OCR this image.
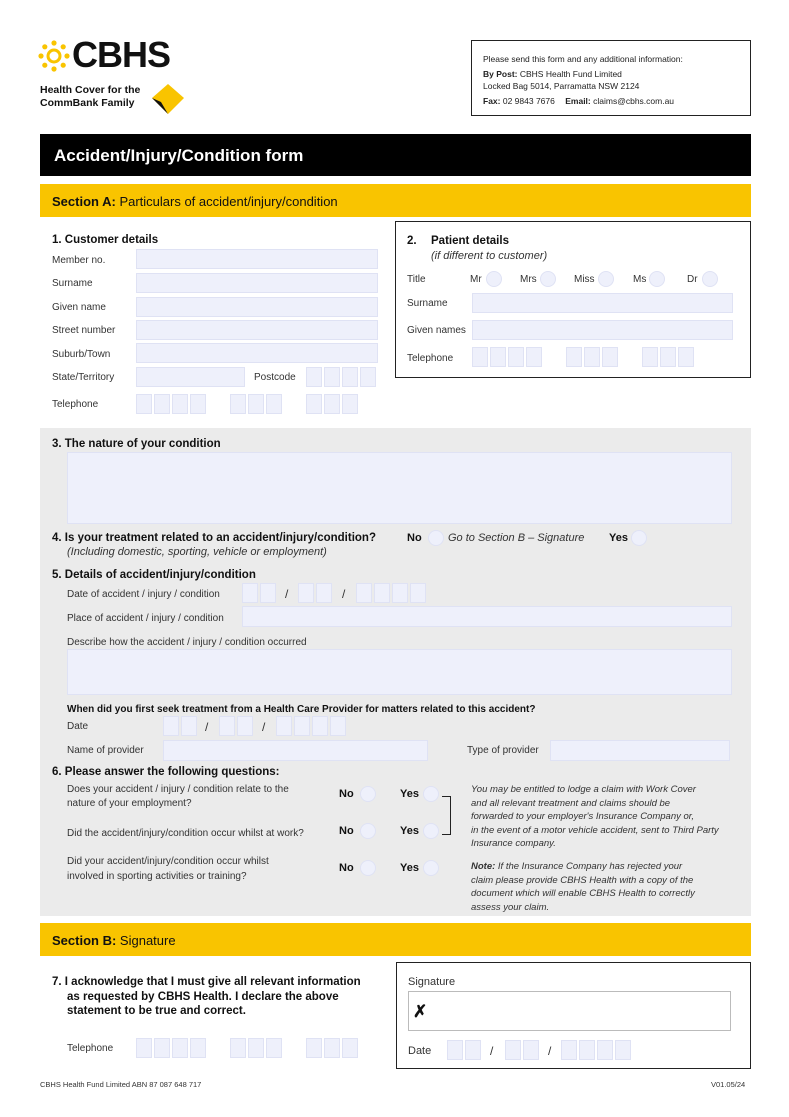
CBHS
Health Cover for the
CommBank Family
Please send this form and any additional information:
By Post: CBHS Health Fund Limited
Locked Bag 5014, Parramatta NSW 2124
Fax: 02 9843 7676 Email: claims@cbhs.com.au
Accident/Injury/Condition form
Section A: Particulars of accident/injury/condition
1. Customer details
Member no.
Surname
Given name
Street number
Suburb/Town
State/Territory	Postcode
Telephone
2. Patient details
(if different to customer)
Title	Mr	Mrs	Miss	Ms	Dr
Surname
Given names
Telephone
3. The nature of your condition
4. Is your treatment related to an accident/injury/condition?
(Including domestic, sporting, vehicle or employment)
No Go to Section B – Signature Yes
5. Details of accident/injury/condition
Date of accident / injury / condition	/	/
Place of accident / injury / condition
Describe how the accident / injury / condition occurred
When did you first seek treatment from a Health Care Provider for matters related to this accident?
Date	/	/
Name of provider	Type of provider
6. Please answer the following questions:
Does your accident / injury / condition relate to the
nature of your employment?
No	Yes
Did the accident/injury/condition occur whilst at work?	No	Yes
Did your accident/injury/condition occur whilst
involved in sporting activities or training?
No	Yes
You may be entitled to lodge a claim with Work Cover
and all relevant treatment and claims should be
forwarded to your employer's Insurance Company or,
in the event of a motor vehicle accident, sent to Third Party
Insurance company.
Note: If the Insurance Company has rejected your
claim please provide CBHS Health with a copy of the
document which will enable CBHS Health to correctly
assess your claim.
Section B: Signature
7. I acknowledge that I must give all relevant information
as requested by CBHS Health. I declare the above
statement to be true and correct.
Telephone
Signature
✗
Date	/	/
CBHS Health Fund Limited ABN 87 087 648 717	V01.05/24
